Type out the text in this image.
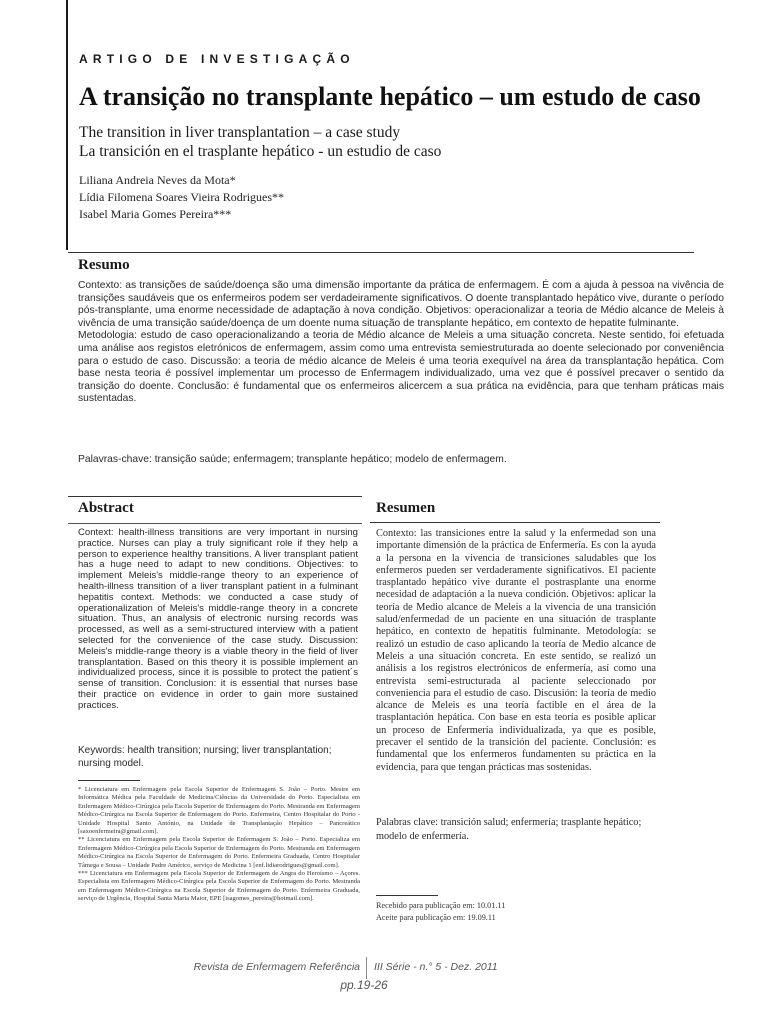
ARTIGO DE INVESTIGAÇÃO
A transição no transplante hepático – um estudo de caso
The transition in liver transplantation – a case study
La transición en el trasplante hepático - un estudio de caso
Liliana Andreia Neves da Mota*
Lídia Filomena Soares Vieira Rodrigues**
Isabel Maria Gomes Pereira***
Resumo

Contexto: as transições de saúde/doença são uma dimensão importante da prática de enfermagem. É com a ajuda à pessoa na vivência de transições saudáveis que os enfermeiros podem ser verdadeiramente significativos. O doente transplantado hepático vive, durante o período pós-transplante, uma enorme necessidade de adaptação à nova condição. Objetivos: operacionalizar a teoria de Médio alcance de Meleis à vivência de uma transição saúde/doença de um doente numa situação de transplante hepático, em contexto de hepatite fulminante.

Metodologia: estudo de caso operacionalizando a teoria de Médio alcance de Meleis a uma situação concreta. Neste sentido, foi efetuada uma análise aos registos eletrónicos de enfermagem, assim como uma entrevista semiestruturada ao doente selecionado por conveniência para o estudo de caso. Discussão: a teoria de médio alcance de Meleis é uma teoria exequível na área da transplantação hepática. Com base nesta teoria é possível implementar um processo de Enfermagem individualizado, uma vez que é possível precaver o sentido da transição do doente. Conclusão: é fundamental que os enfermeiros alicercem a sua prática na evidência, para que tenham práticas mais sustentadas.

Palavras-chave: transição saúde; enfermagem; transplante hepático; modelo de enfermagem.
Abstract
Context: health-illness transitions are very important in nursing practice. Nurses can play a truly significant role if they help a person to experience healthy transitions. A liver transplant patient has a huge need to adapt to new conditions. Objectives: to implement Meleis's middle-range theory to an experience of health-illness transition of a liver transplant patient in a fulminant hepatitis context. Methods: we conducted a case study of operationalization of Meleis's middle-range theory in a concrete situation. Thus, an analysis of electronic nursing records was processed, as well as a semi-structured interview with a patient selected for the convenience of the case study. Discussion: Meleis's middle-range theory is a viable theory in the field of liver transplantation. Based on this theory it is possible implement an individualized process, since it is possible to protect the patient´s sense of transition. Conclusion: it is essential that nurses base their practice on evidence in order to gain more sustained practices.
Keywords: health transition; nursing; liver transplantation; nursing model.
Resumen
Contexto: las transiciones entre la salud y la enfermedad son una importante dimensión de la práctica de Enfermería. Es con la ayuda a la persona en la vivencia de transiciones saludables que los enfermeros pueden ser verdaderamente significativos. El paciente trasplantado hepático vive durante el postrasplante una enorme necesidad de adaptación a la nueva condición. Objetivos: aplicar la teoría de Medio alcance de Meleis a la vivencia de una transición salud/enfermedad de un paciente en una situación de trasplante hepático, en contexto de hepatitis fulminante. Metodología: se realizó un estudio de caso aplicando la teoría de Medio alcance de Meleis a una situación concreta. En este sentido, se realizó un análisis a los registros electrónicos de enfermería, así como una entrevista semi-estructurada al paciente seleccionado por conveniencia para el estudio de caso. Discusión: la teoría de medio alcance de Meleis es una teoría factible en el área de la trasplantación hepática. Con base en esta teoría es posible aplicar un proceso de Enfermería individualizada, ya que es posible, precaver el sentido de la transición del paciente. Conclusión: es fundamental que los enfermeros fundamenten su práctica en la evidencia, para que tengan prácticas mas sostenidas.
Palabras clave: transición salud; enfermería; trasplante hepático; modelo de enfermería.

* Licenciatura em Enfermagem pela Escola Superior de Enfermagem S. João – Porto. Mestre em Informática Médica pela Faculdade de Medicina/Ciências da Universidade do Porto. Especialista em Enfermagem Médico-Cirúrgica pela Escola Superior de Enfermagem do Porto. Mestranda em Enfermagem Médico-Cirúrgica na Escola Superior de Enfermagem do Porto. Enfermeira, Centro Hospitalar do Porto - Unidade Hospital Santo António, na Unidade de Transplantação Hepático – Pancreático [saxoenfermeira@gmail.com].

** Licenciatura em Enfermagem pela Escola Superior de Enfermagem S. João – Porto. Especializa em Enfermagem Médico-Cirúrgica pela Escola Superior de Enfermagem do Porto. Mestranda em Enfermagem Médico-Cirúrgica na Escola Superior de Enfermagem do Porto. Enfermeira Graduada, Centro Hospitalar Tâmega e Sousa – Unidade Padre Américo, serviço de Medicina 1 [enf.lidiarodrigues@gmail.com].

*** Licenciatura em Enfermagem pela Escola Superior de Enfermagem de Angra do Heroísmo – Açores. Especialista em Enfermagem Médico-Cirúrgica pela Escola Superior de Enfermagem do Porto. Mestranda em Enfermagem Médico-Cirúrgica na Escola Superior de Enfermagem do Porto. Enfermeira Graduada, serviço de Urgência, Hospital Santa Maria Maior, EPE [isagomes_pereira@hotmail.com].

Recebido para publicação em: 10.01.11
Aceite para publicação em: 19.09.11
Revista de Enfermagem Referência III Série - n.° 5 - Dez. 2011
pp.19-26
